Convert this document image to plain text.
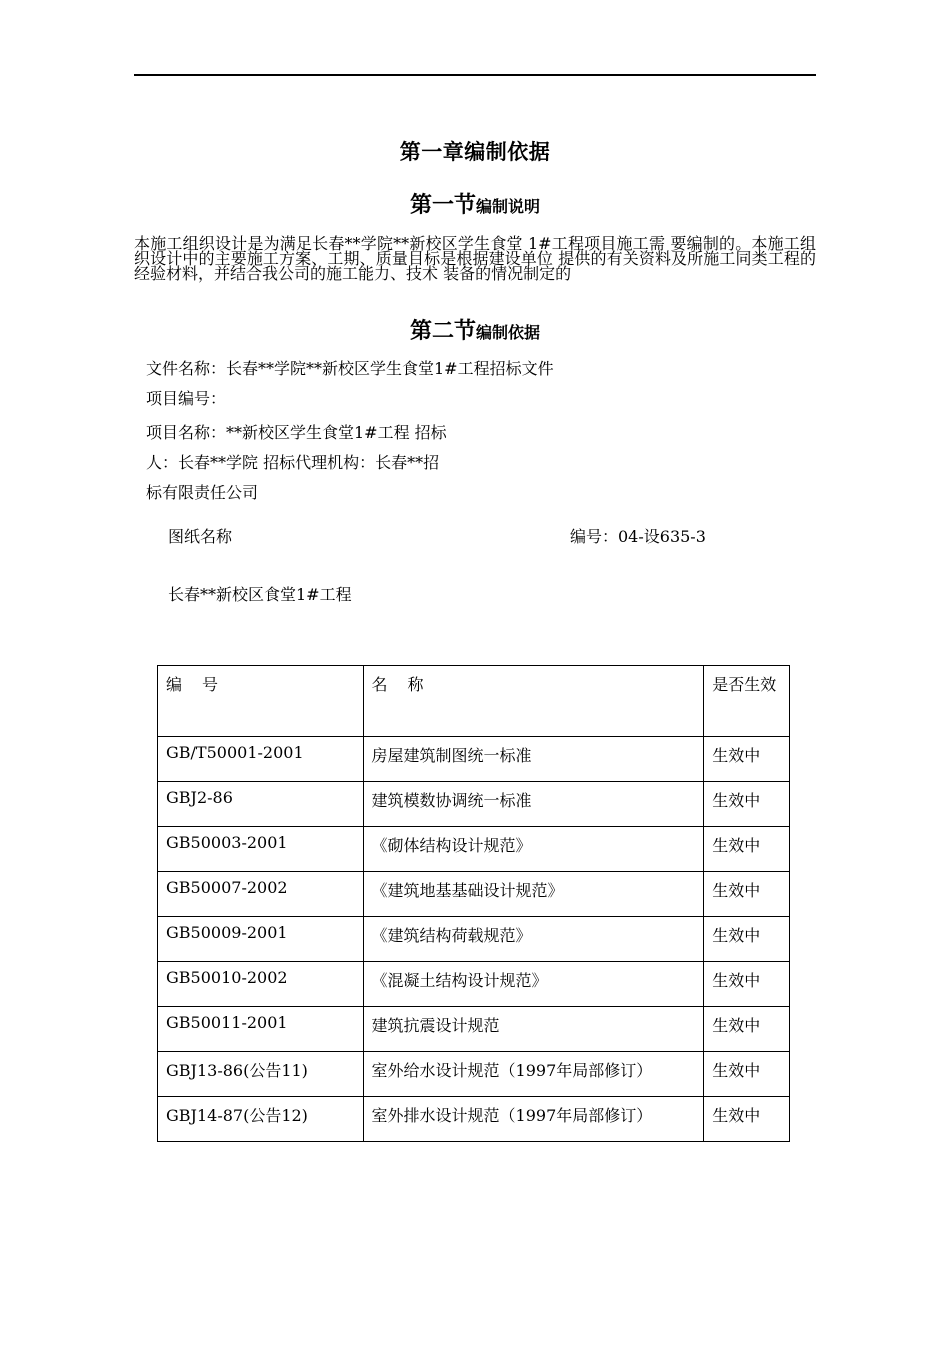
第一章编制依据
第一节编制说明
本施工组织设计是为满足长春**学院**新校区学生食堂 1#工程项目施工需 要编制的。本施工组织设计中的主要施工方案、工期、质量目标是根据建设单位 提供的有关资料及所施工同类工程的经验材料，并结合我公司的施工能力、技术 装备的情况制定的
第二节编制依据
文件名称：长春**学院**新校区学生食堂1#工程招标文件
项目编号：
项目名称：**新校区学生食堂1#工程 招标
人：长春**学院 招标代理机构：长春**招
标有限责任公司
图纸名称	编号：04-设635-3
长春**新校区食堂1#工程
编号	名称	是否生效
GB/T50001-2001	房屋建筑制图统一标准	生效中
GBJ2-86	建筑模数协调统一标准	生效中
GB50003-2001	《砌体结构设计规范》	生效中
GB50007-2002	《建筑地基基础设计规范》	生效中
GB50009-2001	《建筑结构荷载规范》	生效中
GB50010-2002	《混凝土结构设计规范》	生效中
GB50011-2001	建筑抗震设计规范	生效中
GBJ13-86(公告11)	室外给水设计规范（1997年局部修订）	生效中
GBJ14-87(公告12)	室外排水设计规范（1997年局部修订）	生效中
